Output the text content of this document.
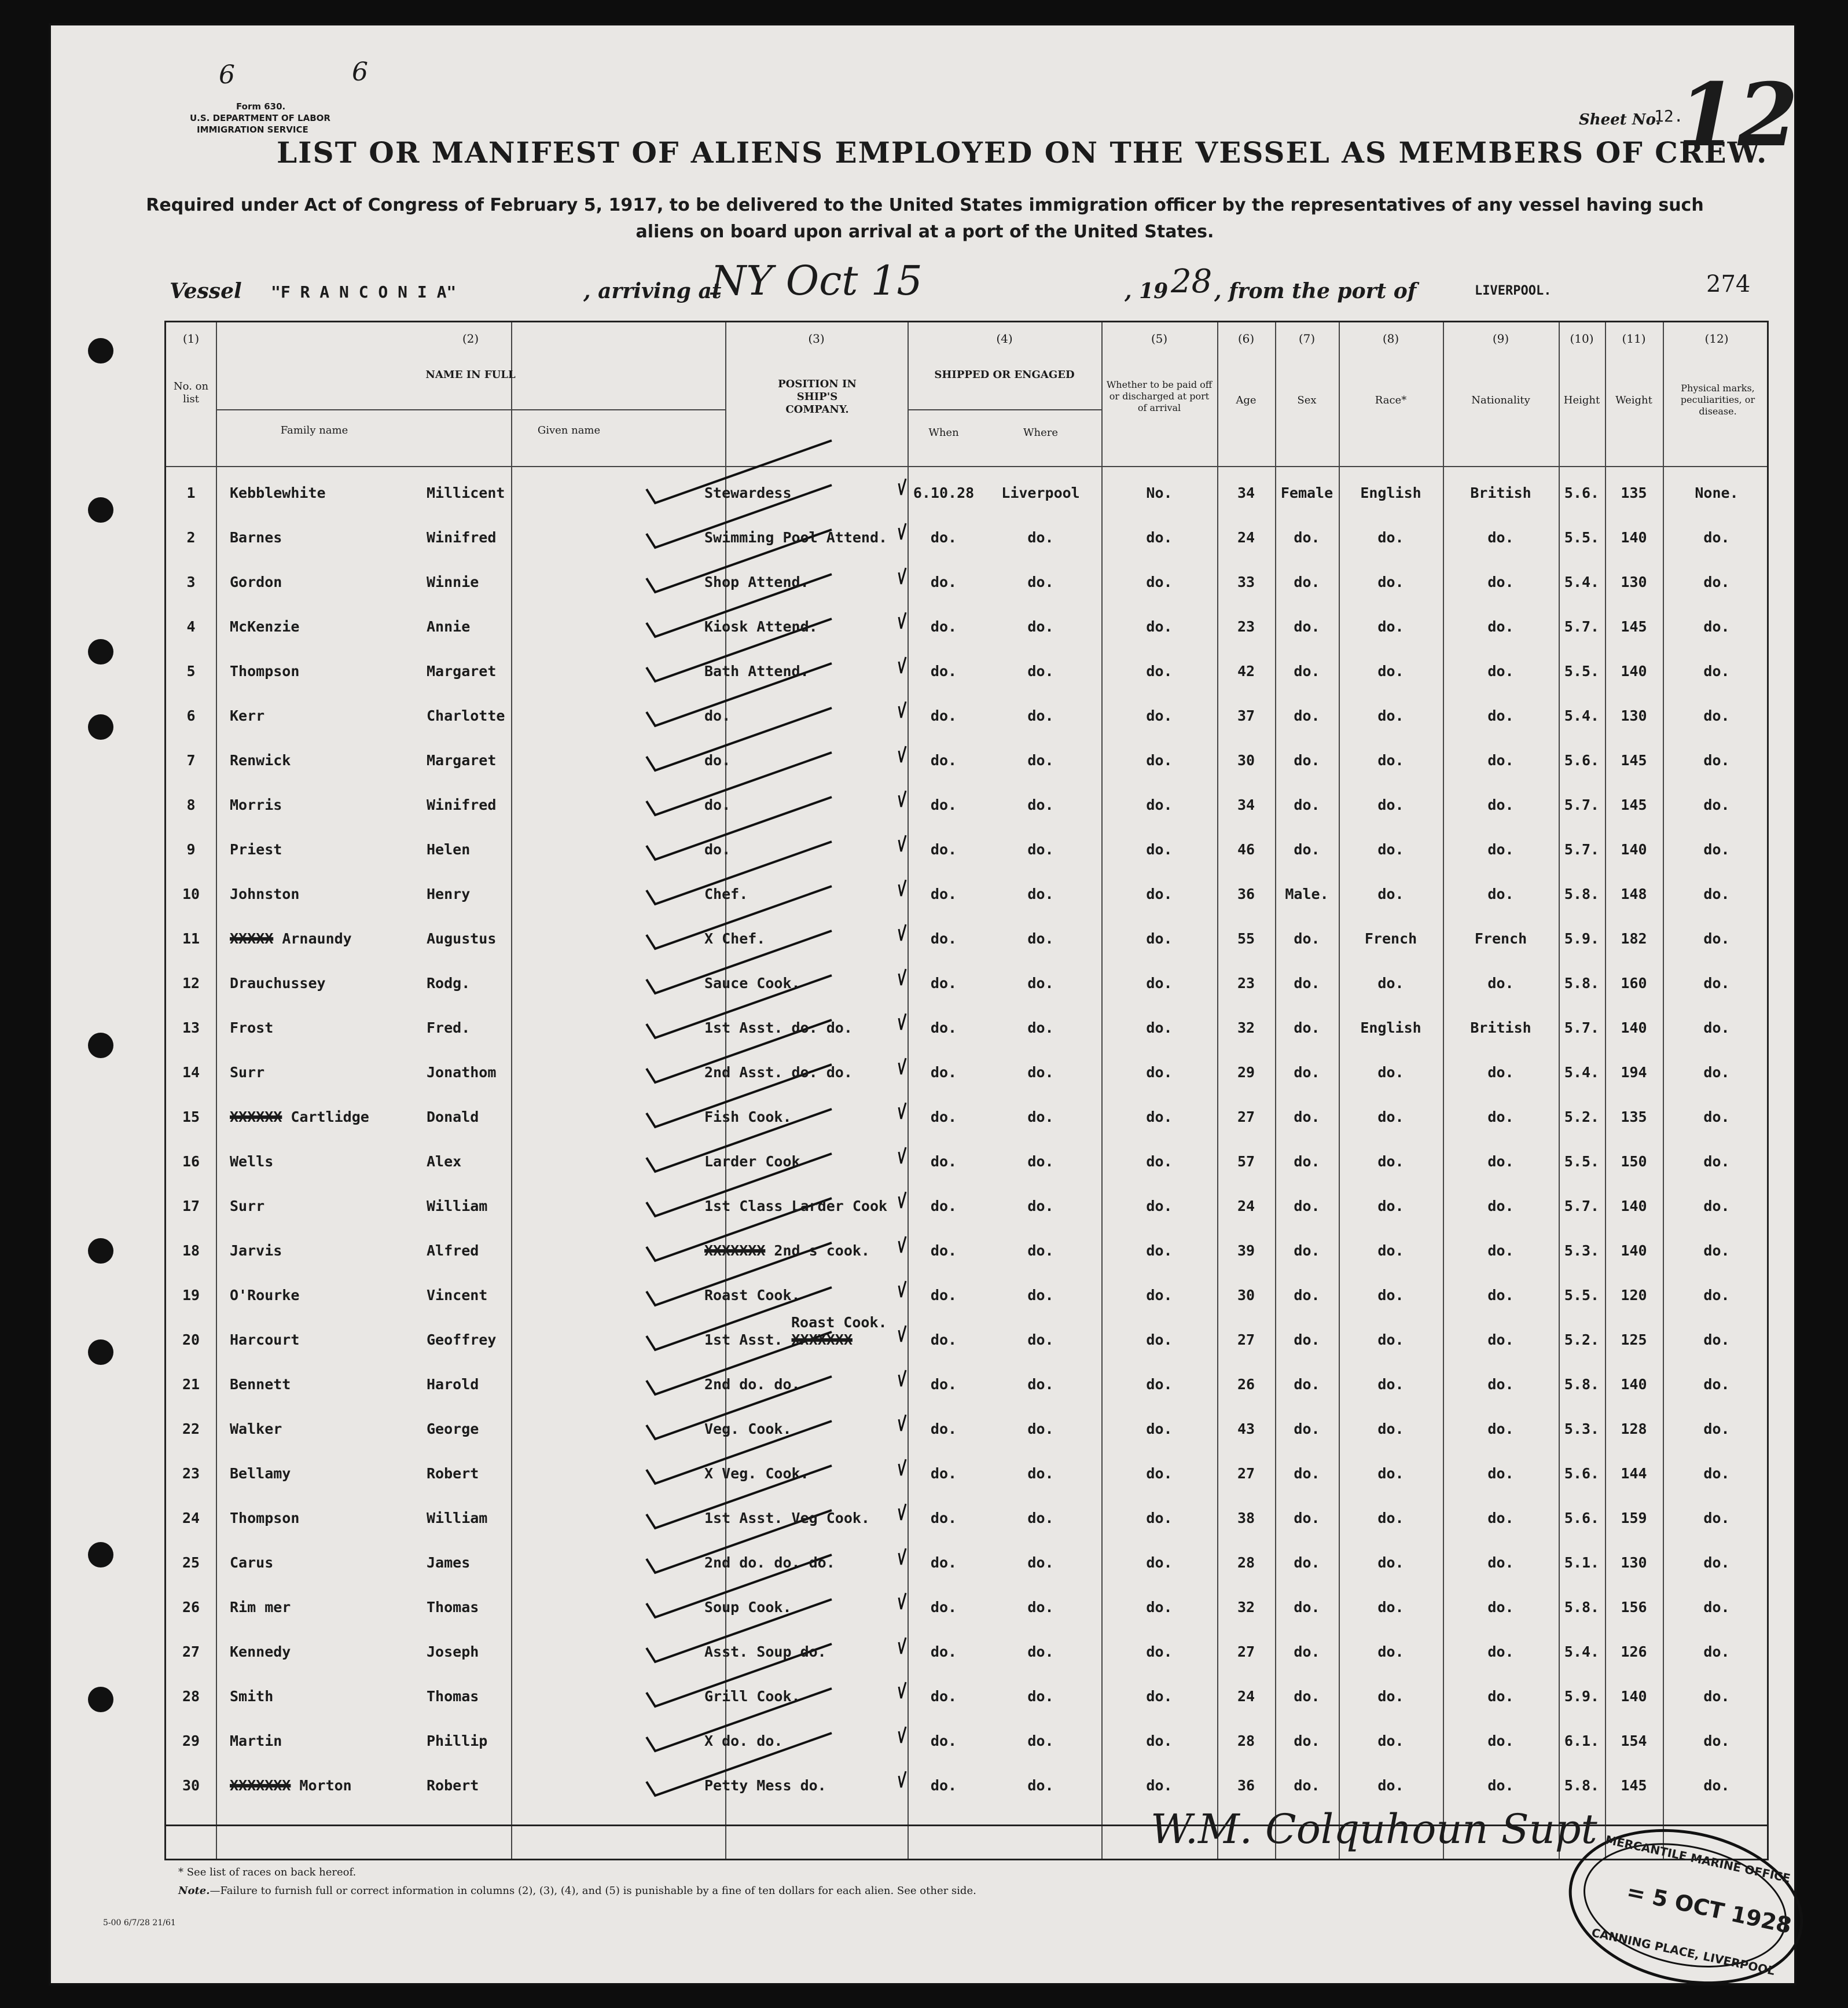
6	6
Form 630.
U.S. DEPARTMENT OF LABOR
IMMIGRATION SERVICE
Sheet No.
12.
12
LIST OR MANIFEST OF ALIENS EMPLOYED ON THE VESSEL AS MEMBERS OF CREW.
Required under Act of Congress of February 5, 1917, to be delivered to the United States immigration officer by the representatives of any vessel having such aliens on board upon arrival at a port of the United States.
Vessel "F R A N C O N I A"	, arriving at
NY Oct 15	, 19 28 , from the port of	LIVERPOOL.	274
(1)	(2)	(3)	(4)	(5)	(6)	(7)	(8)	(9)	(10)	(11)	(12)
No. on list
NAME IN FULL
Family name	Given name
POSITION IN SHIP'S COMPANY.
SHIPPED OR ENGAGED
When	Where
Whether to be paid off or discharged at port of arrival
Age	Sex	Race*	Nationality	Height	Weight
Physical marks, peculiarities, or disease.
1	Kebblewhite	Millicent	Stewardess	6.10.28	Liverpool	No.	34	Female	English	British	5.6.	135	None.
2	Barnes	Winifred	Swimming Pool Attend.	do.	do.	do.	24	do.	do.	do.	5.5.	140	do.
3	Gordon	Winnie	Shop Attend.	do.	do.	do.	33	do.	do.	do.	5.4.	130	do.
4	McKenzie	Annie	Kiosk Attend.	do.	do.	do.	23	do.	do.	do.	5.7.	145	do.
5	Thompson	Margaret	Bath Attend.	do.	do.	do.	42	do.	do.	do.	5.5.	140	do.
6	Kerr	Charlotte	do.	do.	do.	do.	37	do.	do.	do.	5.4.	130	do.
7	Renwick	Margaret	do.	do.	do.	do.	30	do.	do.	do.	5.6.	145	do.
8	Morris	Winifred	do.	do.	do.	do.	34	do.	do.	do.	5.7.	145	do.
9	Priest	Helen	do.	do.	do.	do.	46	do.	do.	do.	5.7.	140	do.
10	Johnston	Henry	Chef.	do.	do.	do.	36	Male.	do.	do.	5.8.	148	do.
11	XXXXX Arnaundy	Augustus	X Chef.	do.	do.	do.	55	do.	French	French	5.9.	182	do.
12	Drauchussey	Rodg.	Sauce Cook.	do.	do.	do.	23	do.	do.	do.	5.8.	160	do.
13	Frost	Fred.	1st Asst. do. do.	do.	do.	do.	32	do.	English	British	5.7.	140	do.
14	Surr	Jonathom	2nd Asst. do. do.	do.	do.	do.	29	do.	do.	do.	5.4.	194	do.
15	XXXXXX Cartlidge	Donald	Fish Cook.	do.	do.	do.	27	do.	do.	do.	5.2.	135	do.
16	Wells	Alex	Larder Cook	do.	do.	do.	57	do.	do.	do.	5.5.	150	do.
17	Surr	William	1st Class Larder Cook	do.	do.	do.	24	do.	do.	do.	5.7.	140	do.
18	Jarvis	Alfred	XXXXXXX 2nd s cook.	do.	do.	do.	39	do.	do.	do.	5.3.	140	do.
19	O'Rourke	Vincent	Roast Cook.	do.	do.	do.	30	do.	do.	do.	5.5.	120	do.
20	Harcourt	Geoffrey	1st Asst. XXXXXXX	do.	do.	do.	27	do.	do.	do.	5.2.	125	do.
Roast Cook.
21	Bennett	Harold	2nd do. do.	do.	do.	do.	26	do.	do.	do.	5.8.	140	do.
22	Walker	George	Veg. Cook.	do.	do.	do.	43	do.	do.	do.	5.3.	128	do.
23	Bellamy	Robert	X Veg. Cook.	do.	do.	do.	27	do.	do.	do.	5.6.	144	do.
24	Thompson	William	1st Asst. Veg Cook.	do.	do.	do.	38	do.	do.	do.	5.6.	159	do.
25	Carus	James	2nd do. do. do.	do.	do.	do.	28	do.	do.	do.	5.1.	130	do.
26	Rim mer	Thomas	Soup Cook.	do.	do.	do.	32	do.	do.	do.	5.8.	156	do.
27	Kennedy	Joseph	Asst. Soup do.	do.	do.	do.	27	do.	do.	do.	5.4.	126	do.
28	Smith	Thomas	Grill Cook.	do.	do.	do.	24	do.	do.	do.	5.9.	140	do.
29	Martin	Phillip	X do. do.	do.	do.	do.	28	do.	do.	do.	6.1.	154	do.
30	XXXXXXX Morton	Robert	Petty Mess do.	do.	do.	do.	36	do.	do.	do.	5.8.	145	do.
W.M. Colquhoun Supt
* See list of races on back hereof.
Note.—Failure to furnish full or correct information in columns (2), (3), (4), and (5) is punishable by a fine of ten dollars for each alien. See other side.
5-00 6/7/28 21/61
MERCANTILE MARINE OFFICE
= 5 OCT 1928
CANNING PLACE, LIVERPOOL
